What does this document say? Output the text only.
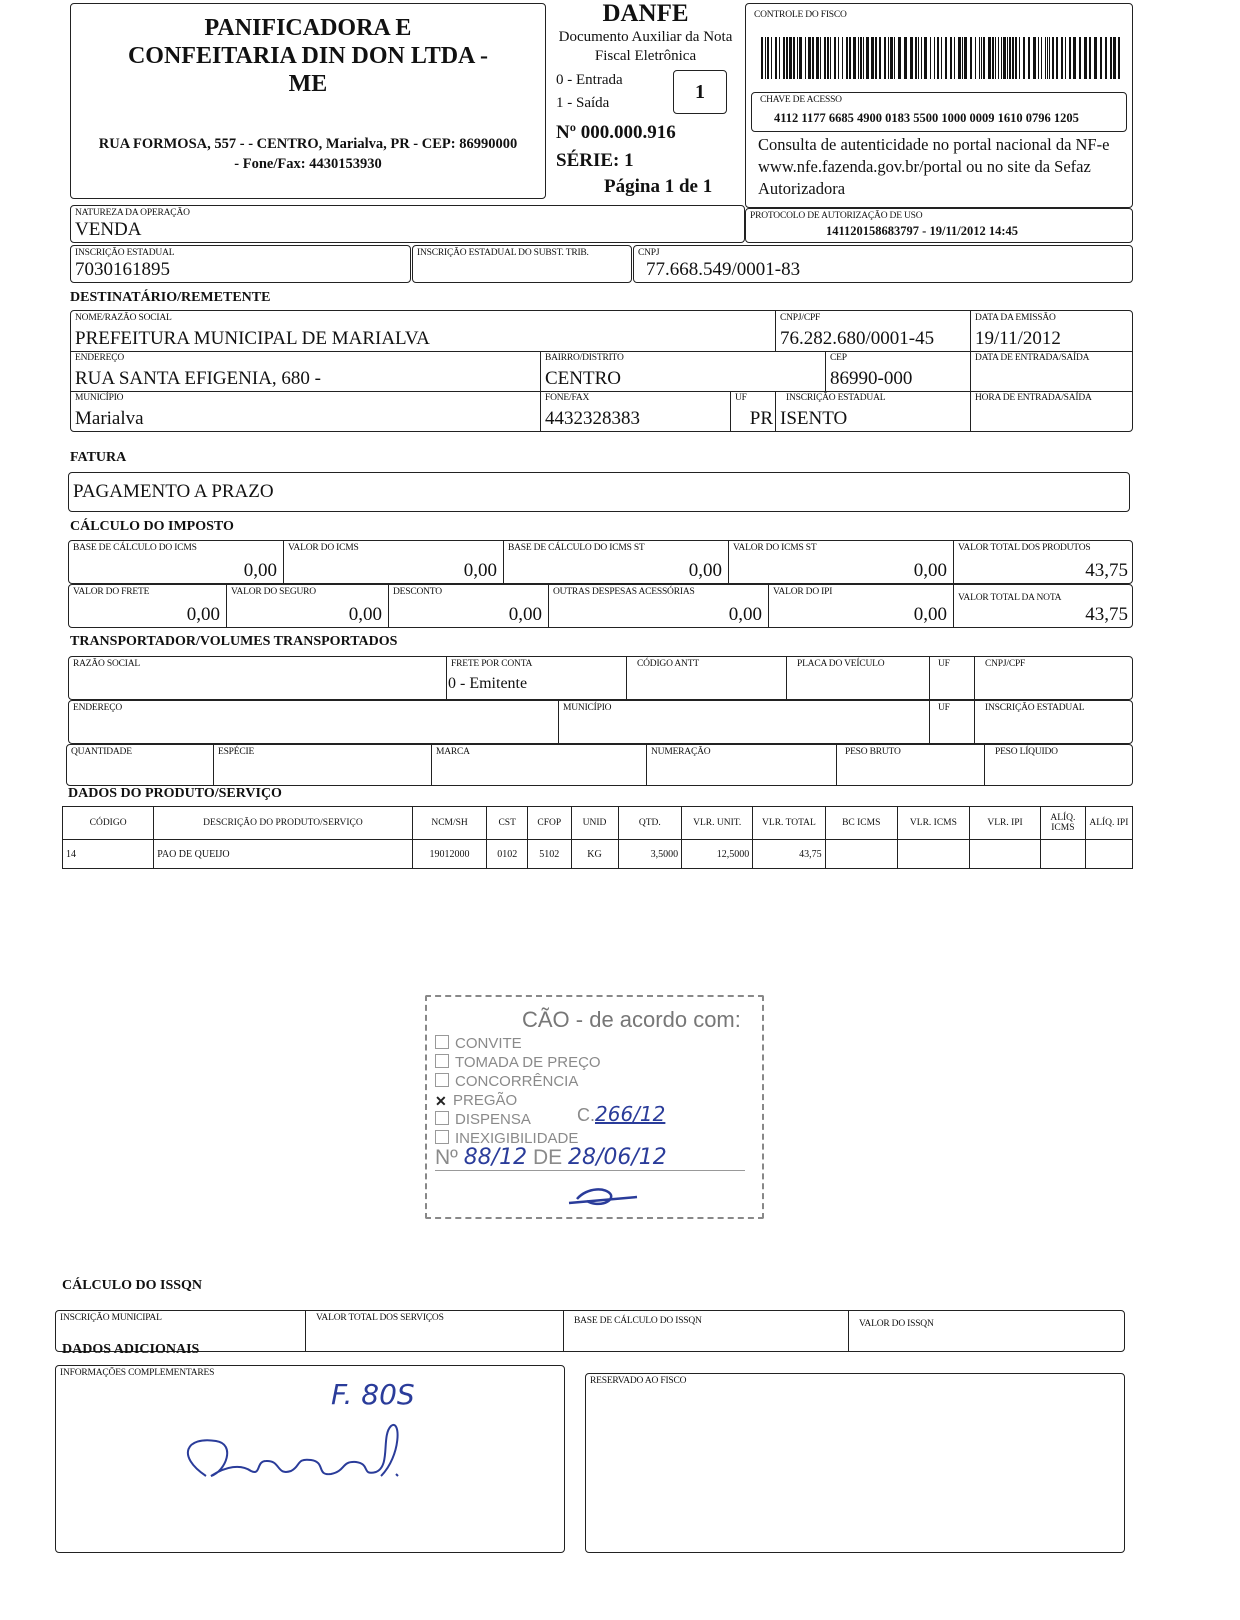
PANIFICADORA E
CONFEITARIA DIN DON LTDA -
ME
RUA FORMOSA, 557 - - CENTRO, Marialva, PR - CEP: 86990000
- Fone/Fax: 4430153930
DANFE
Documento Auxiliar da Nota
Fiscal Eletrônica
0 - Entrada
1 - Saída	1
Nº 000.000.916
SÉRIE: 1
Página 1 de 1
CONTROLE DO FISCO
CHAVE DE ACESSO
4112 1177 6685 4900 0183 5500 1000 0009 1610 0796 1205
Consulta de autenticidade no portal nacional da NF-e www.nfe.fazenda.gov.br/portal ou no site da Sefaz Autorizadora
NATUREZA DA OPERAÇÃO
VENDA
PROTOCOLO DE AUTORIZAÇÃO DE USO
141120158683797 - 19/11/2012 14:45
INSCRIÇÃO ESTADUAL
7030161895
INSCRIÇÃO ESTADUAL DO SUBST. TRIB.	CNPJ
77.668.549/0001-83
DESTINATÁRIO/REMETENTE
NOME/RAZÃO SOCIAL
PREFEITURA MUNICIPAL DE MARIALVA
CNPJ/CPF
76.282.680/0001-45
DATA DA EMISSÃO
19/11/2012
ENDEREÇO
RUA SANTA EFIGENIA, 680 -
BAIRRO/DISTRITO
CENTRO
CEP
86990-000
DATA DE ENTRADA/SAÍDA
MUNICÍPIO
Marialva
FONE/FAX
4432328383
UF
PR
INSCRIÇÃO ESTADUAL
ISENTO
HORA DE ENTRADA/SAÍDA
FATURA
PAGAMENTO A PRAZO
CÁLCULO DO IMPOSTO
BASE DE CÁLCULO DO ICMS
0,00
VALOR DO ICMS
0,00
BASE DE CÁLCULO DO ICMS ST
0,00
VALOR DO ICMS ST
0,00
VALOR TOTAL DOS PRODUTOS
43,75
VALOR DO FRETE
0,00
VALOR DO SEGURO
0,00
DESCONTO
0,00
OUTRAS DESPESAS ACESSÓRIAS
0,00
VALOR DO IPI
0,00
VALOR TOTAL DA NOTA
43,75
TRANSPORTADOR/VOLUMES TRANSPORTADOS
RAZÃO SOCIAL	FRETE POR CONTA
0 - Emitente
CÓDIGO ANTT	PLACA DO VEÍCULO	UF	CNPJ/CPF
ENDEREÇO	MUNICÍPIO	UF	INSCRIÇÃO ESTADUAL
QUANTIDADE	ESPÉCIE	MARCA	NUMERAÇÃO	PESO BRUTO	PESO LÍQUIDO
DADOS DO PRODUTO/SERVIÇO
CÓDIGO	DESCRIÇÃO DO PRODUTO/SERVIÇO	NCM/SH	CST	CFOP	UNID	QTD.	VLR. UNIT.	VLR. TOTAL	BC ICMS	VLR. ICMS	VLR. IPI	ALÍQ. ICMS	ALÍQ. IPI
14	PAO DE QUEIJO	19012000	0102	5102	KG	3,5000	12,5000	43,75					
CÃO - de acordo com:
CONVITE
TOMADA DE PREÇO
CONCORRÊNCIA
✕ PREGÃO
DISPENSA
INEXIGIBILIDADE
C.266/12
Nº 88/12 DE 28/06/12
CÁLCULO DO ISSQN
INSCRIÇÃO MUNICIPAL	VALOR TOTAL DOS SERVIÇOS	BASE DE CÁLCULO DO ISSQN	VALOR DO ISSQN
DADOS ADICIONAIS
INFORMAÇÕES COMPLEMENTARES
F. 80S	RESERVADO AO FISCO
